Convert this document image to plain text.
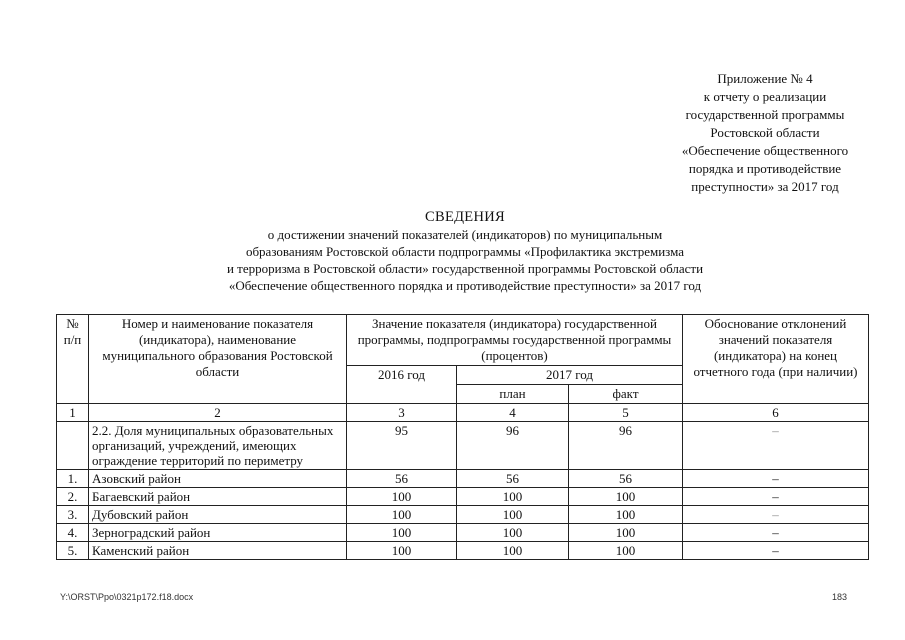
Приложение № 4
к отчету о реализации
государственной программы
Ростовской области
«Обеспечение общественного
порядка и противодействие
преступности» за 2017 год
СВЕДЕНИЯ
о достижении значений показателей (индикаторов) по муниципальным
образованиям Ростовской области подпрограммы «Профилактика экстремизма
и терроризма в Ростовской области» государственной программы Ростовской области
«Обеспечение общественного порядка и противодействие преступности» за 2017 год
№ п/п	Номер и наименование показателя (индикатора), наименование муниципального образования Ростовской области	Значение показателя (индикатора) государственной программы, подпрограммы государственной программы (процентов)			Обоснование отклонений значений показателя (индикатора) на конец отчетного года (при наличии)
		2016 год	2017 год		
			план	факт	
1	2	3	4	5	6
	2.2. Доля муниципальных образовательных организаций, учреждений, имеющих ограждение территорий по периметру	95	96	96	–
1.	Азовский район	56	56	56	–
2.	Багаевский район	100	100	100	–
3.	Дубовский район	100	100	100	–
4.	Зерноградский район	100	100	100	–
5.	Каменский район	100	100	100	–
Y:\ORST\Ppo\0321p172.f18.docx	183
